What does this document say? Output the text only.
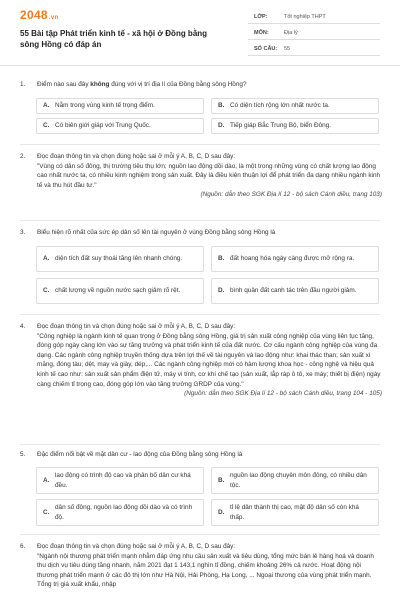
2048.vn
55 Bài tập Phát triển kinh tế - xã hội ở Đồng bằng sông Hồng có đáp án
LỚP:	Tốt nghiệp THPT
MÔN:	Địa lý
SỐ CÂU: 55
1. Điểm nào sau đây không đúng với vị trí địa lí của Đồng bằng sông Hồng?
A. Nằm trong vùng kinh tế trọng điểm.	B. Có diện tích rộng lớn nhất nước ta.
C. Có biên giới giáp với Trung Quốc.	D. Tiếp giáp Bắc Trung Bộ, biển Đông.
2. Đọc đoạn thông tin và chọn đúng hoặc sai ở mỗi ý A, B, C, D sau đây:
"Vùng có dân số đông, thị trường tiêu thụ lớn; nguồn lao động dồi dào, là một trong những vùng có chất lượng lao động cao nhất nước ta, có nhiều kinh nghiệm trong sản xuất. Đây là điều kiện thuận lợi để phát triển đa dạng nhiều ngành kinh tế và thu hút đầu tư."
(Nguồn: dẫn theo SGK Địa lí 12 - bộ sách Cánh diều, trang 103)
3. Biểu hiện rõ nhất của sức ép dân số lên tài nguyên ở vùng Đồng bằng sông Hồng là
A. diện tích đất suy thoái tăng lên nhanh chóng.	B. đất hoang hóa ngày càng được mở rộng ra.
C. chất lượng về nguồn nước sạch giảm rõ rệt.	D. bình quân đất canh tác trên đầu người giảm.
4. Đọc đoạn thông tin và chọn đúng hoặc sai ở mỗi ý A, B, C, D sau đây:
"Công nghiệp là ngành kinh tế quan trọng ở Đồng bằng sông Hồng, giá trị sản xuất công nghiệp của vùng liên tục tăng, đóng góp ngày càng lớn vào sự tăng trưởng và phát triển kinh tế của đất nước. Cơ cấu ngành công nghiệp của vùng đa dạng. Các ngành công nghiệp truyền thống dựa trên lợi thế về tài nguyên và lao động như: khai thác than; sản xuất xi măng, đóng tàu; dệt, may và giày, dép,... Các ngành công nghiệp mới có hàm lượng khoa học - công nghệ và hiệu quả kinh tế cao như: sản xuất sản phẩm điện tử, máy vi tính, cơ khí chế tạo (sản xuất, lắp ráp ô tô, xe máy; thiết bị điện) ngày càng chiếm tỉ trọng cao, đóng góp lớn vào tăng trưởng GRDP của vùng."
(Nguồn: dẫn theo SGK Địa lí 12 - bộ sách Cánh diều, trang 104 - 105)
5. Đặc điểm nổi bật về mặt dân cư - lao động của Đồng bằng sông Hồng là
A.
lao động có trình độ cao và phân bố dân cư khá đều.
B.
nguồn lao động chuyên môn đông, có nhiều dân tộc.
C.
dân số đông, nguồn lao động dồi dào và có trình độ.
D.
tỉ lệ dân thành thị cao, mật độ dân số còn khá thấp.
6. Đọc đoạn thông tin và chọn đúng hoặc sai ở mỗi ý A, B, C, D sau đây:
"Ngành nội thương phát triển mạnh nhằm đáp ứng nhu cầu sản xuất và tiêu dùng, tổng mức bán lẻ hàng hoá và doanh thu dịch vụ tiêu dùng tăng nhanh, năm 2021 đạt 1 143,1 nghìn tỉ đồng, chiếm khoảng 26% cả nước. Hoạt động nội thương phát triển mạnh ở các đô thị lớn như Hà Nội, Hải Phòng, Hạ Long, ... Ngoại thương của vùng phát triển mạnh. Tổng trị giá xuất khẩu, nhập
